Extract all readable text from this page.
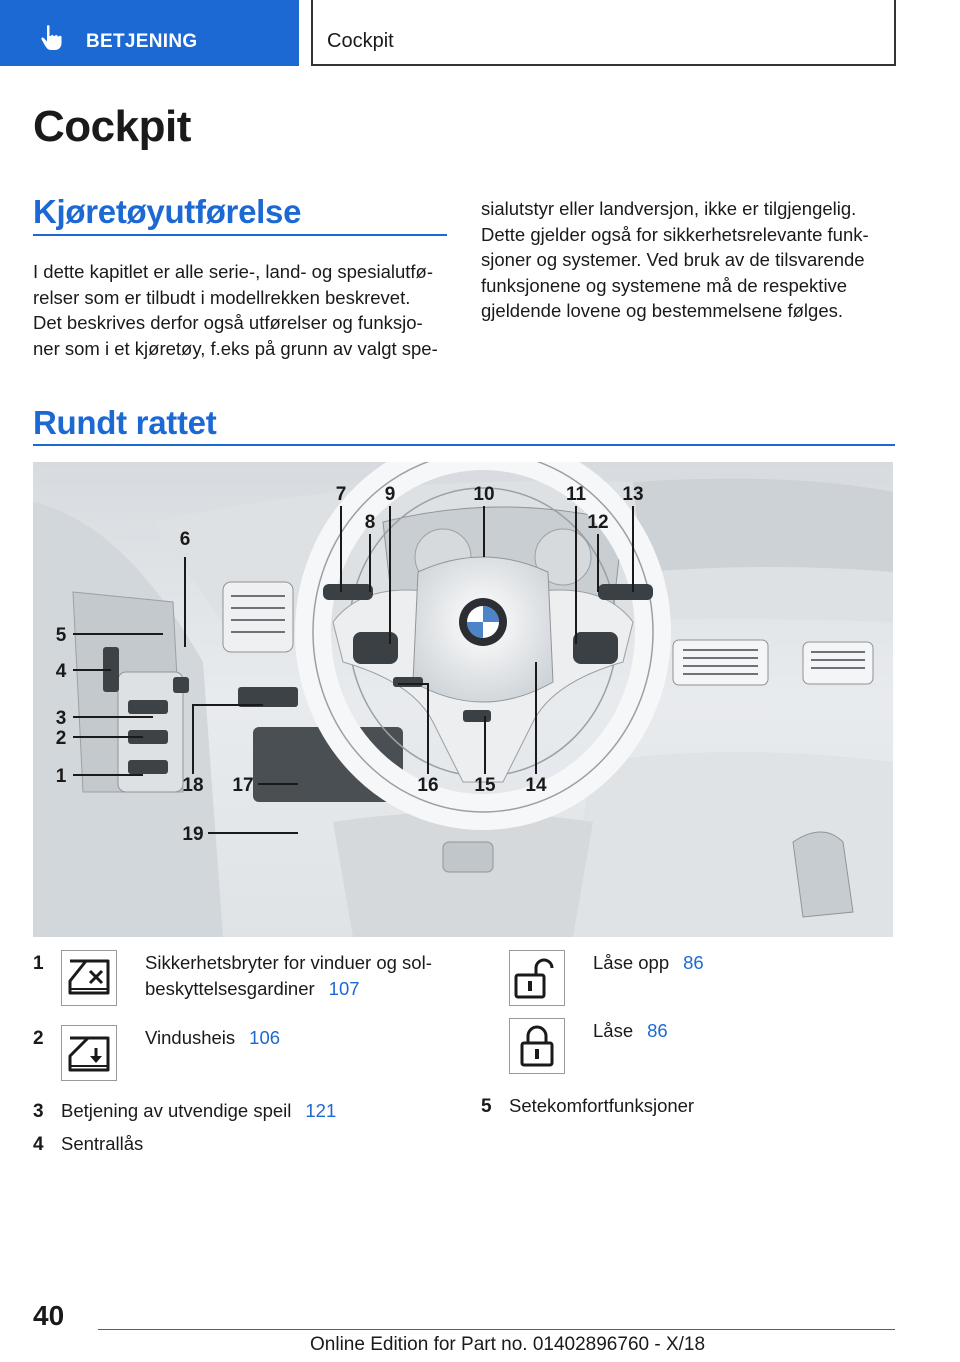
BETJENING	Cockpit
Cockpit
Kjøretøyutførelse

I dette kapitlet er alle serie-, land- og spesialutfø-

relser som er tilbudt i modellrekken beskrevet.

Det beskrives derfor også utførelser og funksjo-

ner som i et kjøretøy, f.eks på grunn av valgt spe-

sialutstyr eller landversjon, ikke er tilgjengelig.

Dette gjelder også for sikkerhetsrelevante funk-

sjoner og systemer. Ved bruk av de tilsvarende

funksjonene og systemene må de respektive

gjeldende lovene og bestemmelsene følges.

Rundt rattet
7
8
9	10	11
12
13
6
5
4
3
2
1	18 17
19
16 15 14
1	Sikkerhetsbryter for vinduer og sol-
beskyttelsesgardiner 107
2	Vindusheis 106
3 Betjening av utvendige speil 121
4 Sentrallås
Låse opp 86
Låse 86
5 Setekomfortfunksjoner
40
Online Edition for Part no. 01402896760 - X/18
